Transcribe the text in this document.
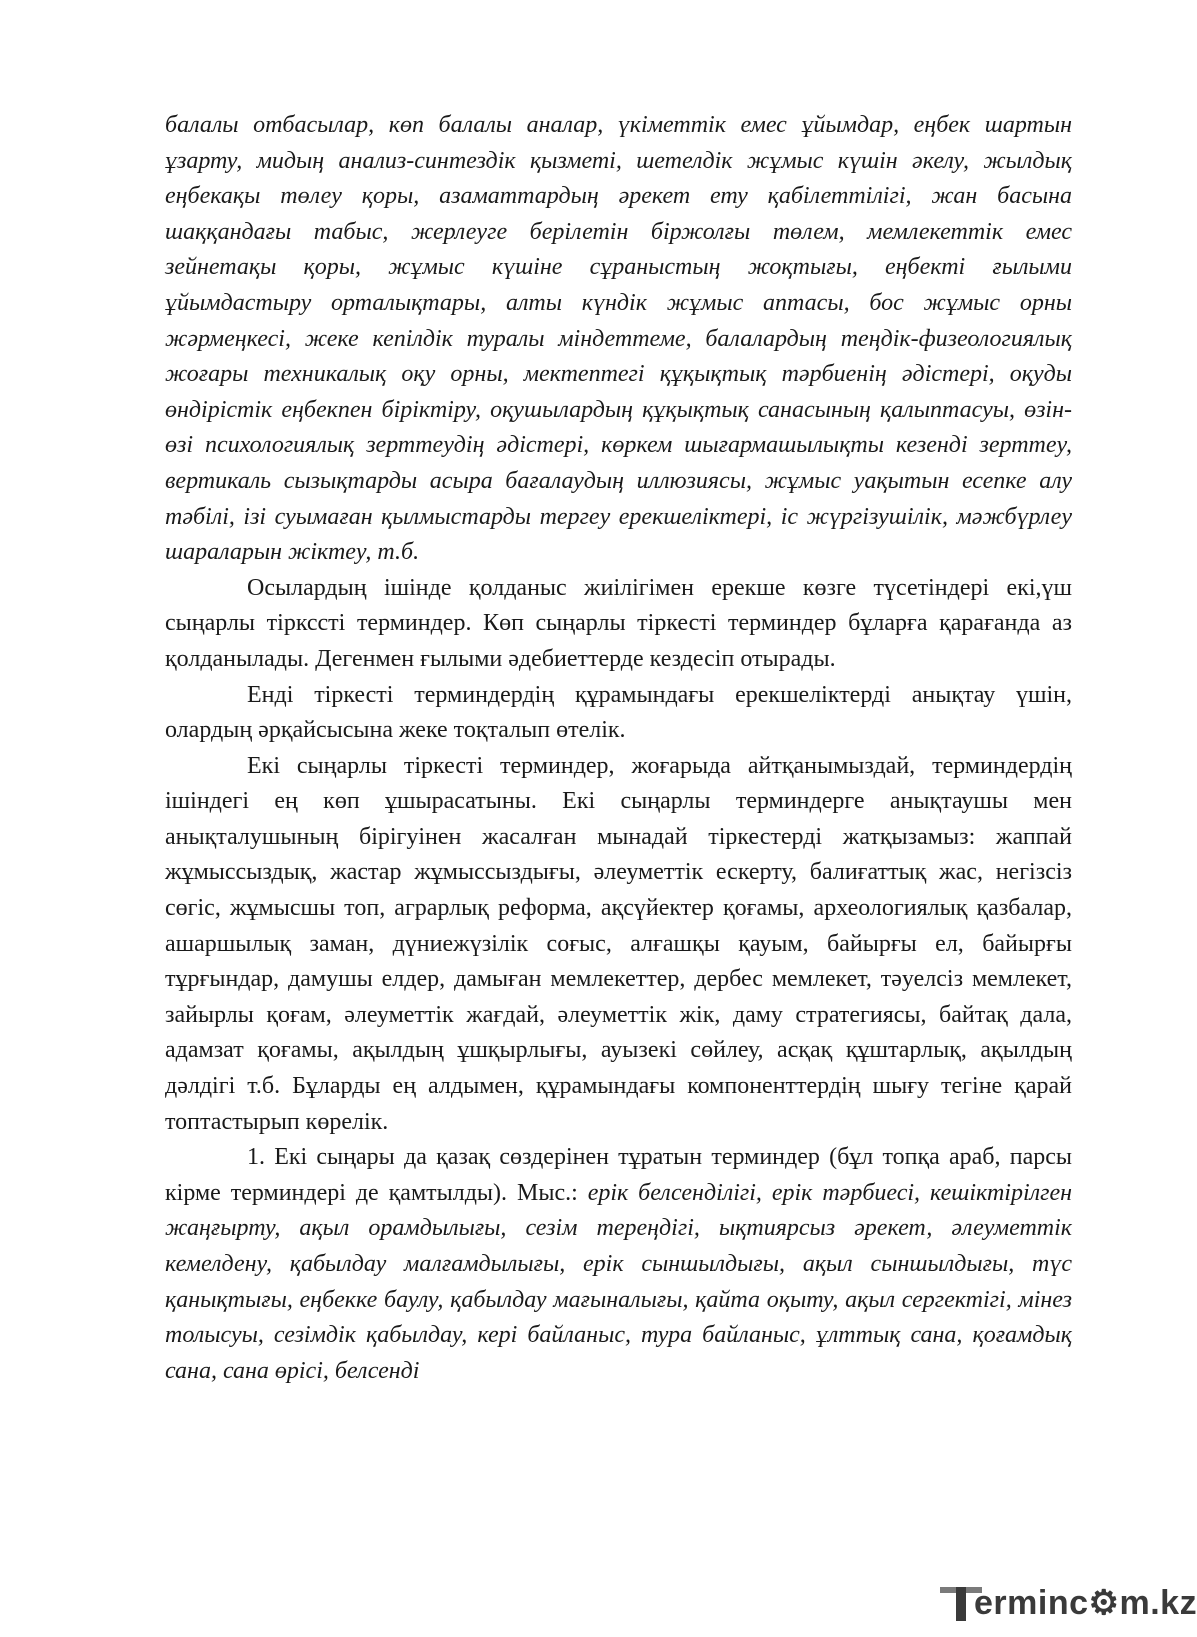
балалы отбасылар, көп балалы аналар, үкіметтік емес ұйымдар, еңбек шартын ұзарту, мидың анализ-синтездік қызметі, шетелдік жұмыс күшін әкелу, жылдық еңбекақы төлеу қоры, азаматтардың әрекет ету қабілеттілігі, жан басына шаққандағы табыс, жерлеуге берілетін біржолғы төлем, мемлекеттік емес зейнетақы қоры, жұмыс күшіне сұраныстың жоқтығы, еңбекті ғылыми ұйымдастыру орталықтары, алты күндік жұмыс аптасы, бос жұмыс орны жәрмеңкесі, жеке кепілдік туралы міндеттеме, балалардың теңдік-физеологиялық жоғары техникалық оқу орны, мектептегі құқықтық тәрбиенің әдістері, оқуды өндірістік еңбекпен біріктіру, оқушылардың құқықтық санасының қалыптасуы, өзін-өзі психологиялық зерттеудің әдістері, көркем шығармашылықты кезенді зерттеу, вертикаль сызықтарды асыра бағалаудың иллюзиясы, жұмыс уақытын есепке алу тәбілі, ізі суымаған қылмыстарды тергеу ерекшеліктері, іс жүргізушілік, мәжбүрлеу шараларын жіктеу, т.б.

Осылардың ішінде қолданыс жиілігімен ерекше көзге түсетіндері екі,үш сыңарлы тіркссті терминдер. Көп сыңарлы тіркесті терминдер бұларға қарағанда аз қолданылады. Дегенмен ғылыми әдебиеттерде кездесіп отырады.

Енді тіркесті терминдердің құрамындағы ерекшеліктерді анықтау үшін, олардың әрқайсысына жеке тоқталып өтелік.

Екі сыңарлы тіркесті терминдер, жоғарыда айтқанымыздай, терминдердің ішіндегі ең көп ұшырасатыны. Екі сыңарлы терминдерге анықтаушы мен анықталушының бірігуінен жасалған мынадай тіркестерді жатқызамыз: жаппай жұмыссыздық, жастар жұмыссыздығы, әлеуметтік ескерту, балиғаттық жас, негізсіз сөгіс, жұмысшы топ, аграрлық реформа, ақсүйектер қоғамы, археологиялық қазбалар, ашаршылық заман, дүниежүзілік соғыс, алғашқы қауым, байырғы ел, байырғы тұрғындар, дамушы елдер, дамыған мемлекеттер, дербес мемлекет, тәуелсіз мемлекет, зайырлы қоғам, әлеуметтік жағдай, әлеуметтік жік, даму стратегиясы, байтақ дала, адамзат қоғамы, ақылдың ұшқырлығы, ауызекі сөйлеу, асқақ құштарлық, ақылдың дәлдігі т.б. Бұларды ең алдымен, құрамындағы компоненттердің шығу тегіне қарай топтастырып көрелік.

1. Екі сыңары да қазақ сөздерінен тұратын терминдер (бұл топқа араб, парсы кірме терминдері де қамтылды). Мыс.: ерік белсенділігі, ерік тәрбиесі, кешіктірілген жаңғырту, ақыл орамдылығы, сезім тереңдігі, ықтиярсыз әрекет, әлеуметтік кемелдену, қабылдау малғамдылығы, ерік сыншылдығы, ақыл сыншылдығы, түс қанықтығы, еңбекке баулу, қабылдау мағыналығы, қайта оқыту, ақыл сергектігі, мінез толысуы, сезімдік қабылдау, кері байланыс, тура байланыс, ұлттық сана, қоғамдық сана, сана өрісі, белсенді

erminc⚙m.kz
